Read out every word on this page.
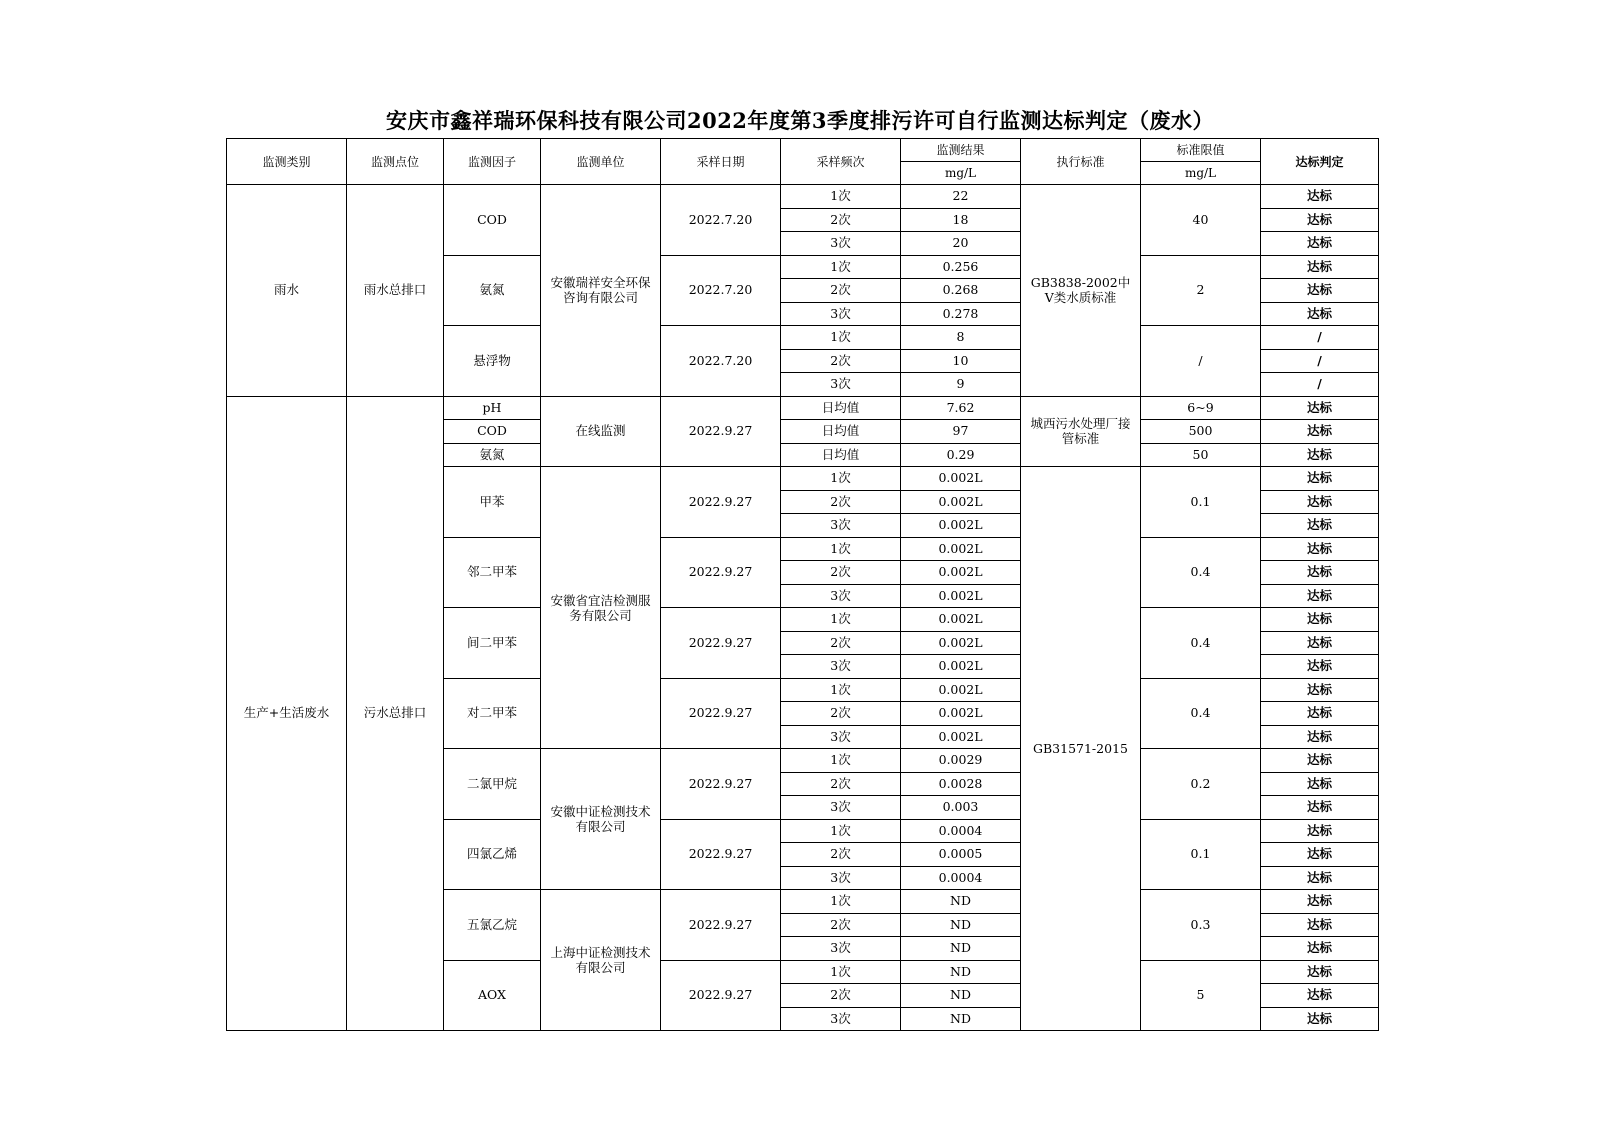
安庆市鑫祥瑞环保科技有限公司2022年度第3季度排污许可自行监测达标判定（废水）
监测类别	监测点位	监测因子	监测单位	采样日期	采样频次	监测结果	执行标准	标准限值	达标判定
						mg/L		mg/L	
雨水	雨水总排口	COD	安徽瑞祥安全环保咨询有限公司	2022.7.20	1次	22	GB3838-2002中Ⅴ类水质标准	40	达标
					2次	18			达标
					3次	20			达标
		氨氮		2022.7.20	1次	0.256		2	达标
					2次	0.268			达标
					3次	0.278			达标
		悬浮物		2022.7.20	1次	8		/	/
					2次	10			/
					3次	9			/
生产+生活废水	污水总排口	pH	在线监测	2022.9.27	日均值	7.62	城西污水处理厂接管标准	6~9	达标
		COD			日均值	97		500	达标
		氨氮			日均值	0.29		50	达标
		甲苯	安徽省宜洁检测服务有限公司	2022.9.27	1次	0.002L	GB31571-2015	0.1	达标
					2次	0.002L			达标
					3次	0.002L			达标
		邻二甲苯		2022.9.27	1次	0.002L		0.4	达标
					2次	0.002L			达标
					3次	0.002L			达标
		间二甲苯		2022.9.27	1次	0.002L		0.4	达标
					2次	0.002L			达标
					3次	0.002L			达标
		对二甲苯		2022.9.27	1次	0.002L		0.4	达标
					2次	0.002L			达标
					3次	0.002L			达标
		二氯甲烷	安徽中证检测技术有限公司	2022.9.27	1次	0.0029		0.2	达标
					2次	0.0028			达标
					3次	0.003			达标
		四氯乙烯		2022.9.27	1次	0.0004		0.1	达标
					2次	0.0005			达标
					3次	0.0004			达标
		五氯乙烷	上海中证检测技术有限公司	2022.9.27	1次	ND		0.3	达标
					2次	ND			达标
					3次	ND			达标
		AOX		2022.9.27	1次	ND		5	达标
					2次	ND			达标
					3次	ND			达标
